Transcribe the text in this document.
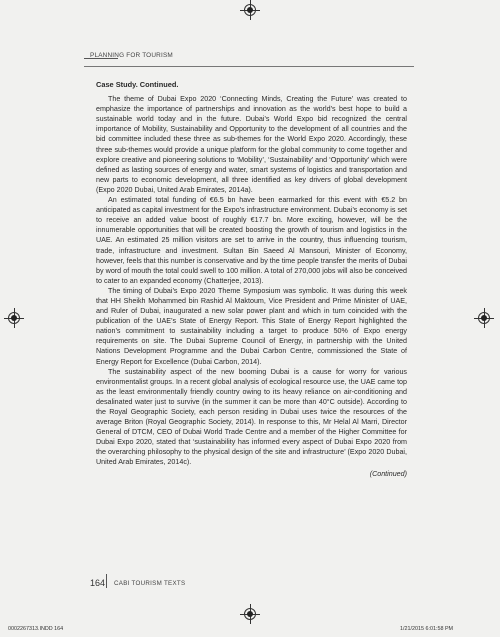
PLANNING FOR TOURISM
Case Study. Continued.

The theme of Dubai Expo 2020 ‘Connecting Minds, Creating the Future’ was created to emphasize the importance of partnerships and innovation as the world’s best hope to build a sustainable world today and in the future. Dubai’s World Expo bid recognized the central importance of Mobility, Sustainability and Opportunity to the development of all countries and the bid committee included these three as sub-themes for the World Expo 2020. Accordingly, these three sub-themes would provide a unique platform for the global community to come together and explore creative and pioneering solutions to ‘Mobility’, ‘Sustainability’ and ‘Opportunity’ which were defined as lasting sources of energy and water, smart systems of logistics and transportation and new parts to economic development, all three identified as key drivers of global development (Expo 2020 Dubai, United Arab Emirates, 2014a).

An estimated total funding of €6.5 bn have been earmarked for this event with €5.2 bn anticipated as capital investment for the Expo’s infrastructure environment. Dubai’s economy is set to receive an added value boost of roughly €17.7 bn. More exciting, however, will be the innumerable opportunities that will be created boosting the growth of tourism and logistics in the UAE. An estimated 25 million visitors are set to arrive in the country, thus influencing tourism, trade, infrastructure and investment. Sultan Bin Saeed Al Mansouri, Minister of Economy, however, feels that this number is conservative and by the time people transfer the merits of Dubai by word of mouth the total could swell to 100 million. A total of 270,000 jobs will also be conceived to cater to an expanded economy (Chatterjee, 2013).

The timing of Dubai’s Expo 2020 Theme Symposium was symbolic. It was during this week that HH Sheikh Mohammed bin Rashid Al Maktoum, Vice President and Prime Minister of UAE, and Ruler of Dubai, inaugurated a new solar power plant and which in turn coincided with the publication of the UAE’s State of Energy Report. This State of Energy Report highlighted the nation’s commitment to sustainability including a target to produce 50% of Expo energy requirements on site. The Dubai Supreme Council of Energy, in partnership with the United Nations Development Programme and the Dubai Carbon Centre, commissioned the State of Energy Report for Excellence (Dubai Carbon, 2014).

The sustainability aspect of the new booming Dubai is a cause for worry for various environmentalist groups. In a recent global analysis of ecological resource use, the UAE came top as the least environmentally friendly country owing to its heavy reliance on air-conditioning and desalinated water just to survive (in the summer it can be more than 40°C outside). According to the Royal Geographic Society, each person residing in Dubai uses twice the resources of the average Briton (Royal Geographic Society, 2014). In response to this, Mr Helal Al Marri, Director General of DTCM, CEO of Dubai World Trade Centre and a member of the Higher Committee for Dubai Expo 2020, stated that ‘sustainability has informed every aspect of Dubai Expo 2020 from the overarching philosophy to the physical design of the site and infrastructure’ (Expo 2020 Dubai, United Arab Emirates, 2014c).

(Continued)
164 CABI TOURISM TEXTS
0002267313.INDD 164	1/21/2015 6:01:58 PM
